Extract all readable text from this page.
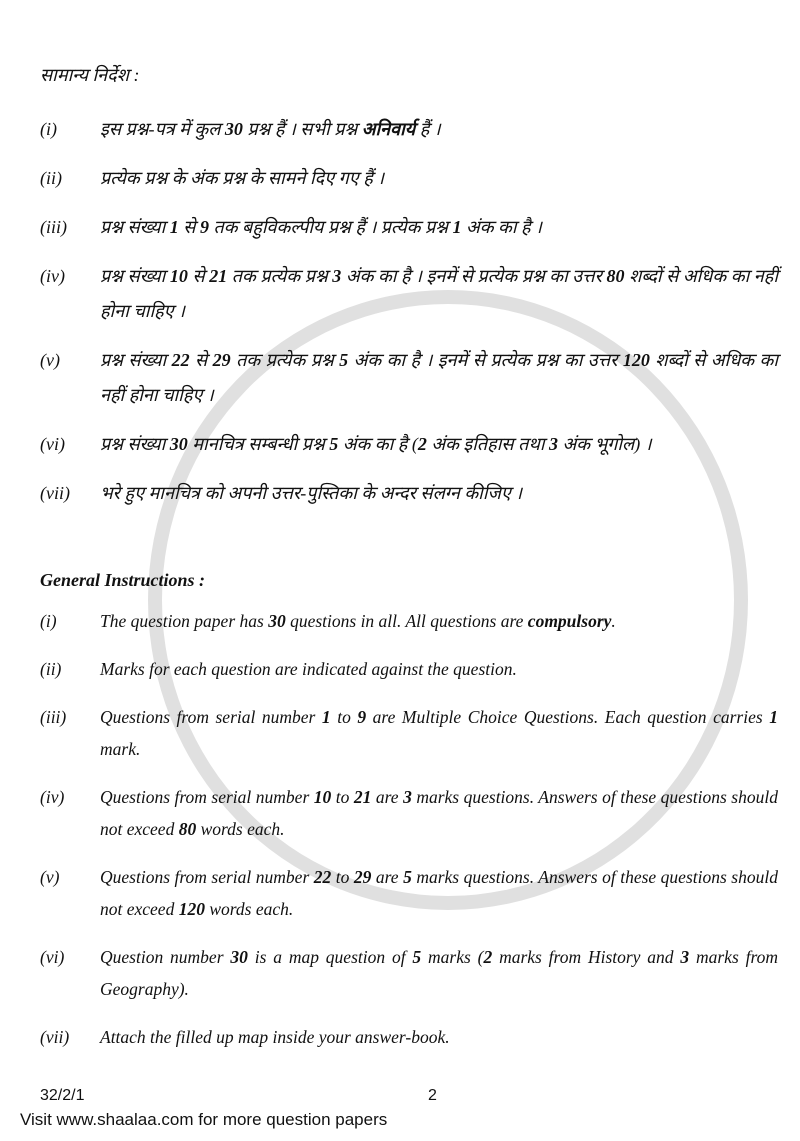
सामान्य निर्देश :
(i) इस प्रश्न-पत्र में कुल 30 प्रश्न हैं । सभी प्रश्न अनिवार्य हैं ।
(ii) प्रत्येक प्रश्न के अंक प्रश्न के सामने दिए गए हैं ।
(iii) प्रश्न संख्या 1 से 9 तक बहुविकल्पीय प्रश्न हैं । प्रत्येक प्रश्न 1 अंक का है ।
(iv) प्रश्न संख्या 10 से 21 तक प्रत्येक प्रश्न 3 अंक का है । इनमें से प्रत्येक प्रश्न का उत्तर 80 शब्दों से अधिक का नहीं होना चाहिए ।
(v) प्रश्न संख्या 22 से 29 तक प्रत्येक प्रश्न 5 अंक का है । इनमें से प्रत्येक प्रश्न का उत्तर 120 शब्दों से अधिक का नहीं होना चाहिए ।
(vi) प्रश्न संख्या 30 मानचित्र सम्बन्धी प्रश्न 5 अंक का है (2 अंक इतिहास तथा 3 अंक भूगोल) ।
(vii) भरे हुए मानचित्र को अपनी उत्तर-पुस्तिका के अन्दर संलग्न कीजिए ।
General Instructions :
(i) The question paper has 30 questions in all. All questions are compulsory.
(ii) Marks for each question are indicated against the question.
(iii) Questions from serial number 1 to 9 are Multiple Choice Questions. Each question carries 1 mark.
(iv) Questions from serial number 10 to 21 are 3 marks questions. Answers of these questions should not exceed 80 words each.
(v) Questions from serial number 22 to 29 are 5 marks questions. Answers of these questions should not exceed 120 words each.
(vi) Question number 30 is a map question of 5 marks (2 marks from History and 3 marks from Geography).
(vii) Attach the filled up map inside your answer-book.
32/2/1	2
Visit www.shaalaa.com for more question papers
